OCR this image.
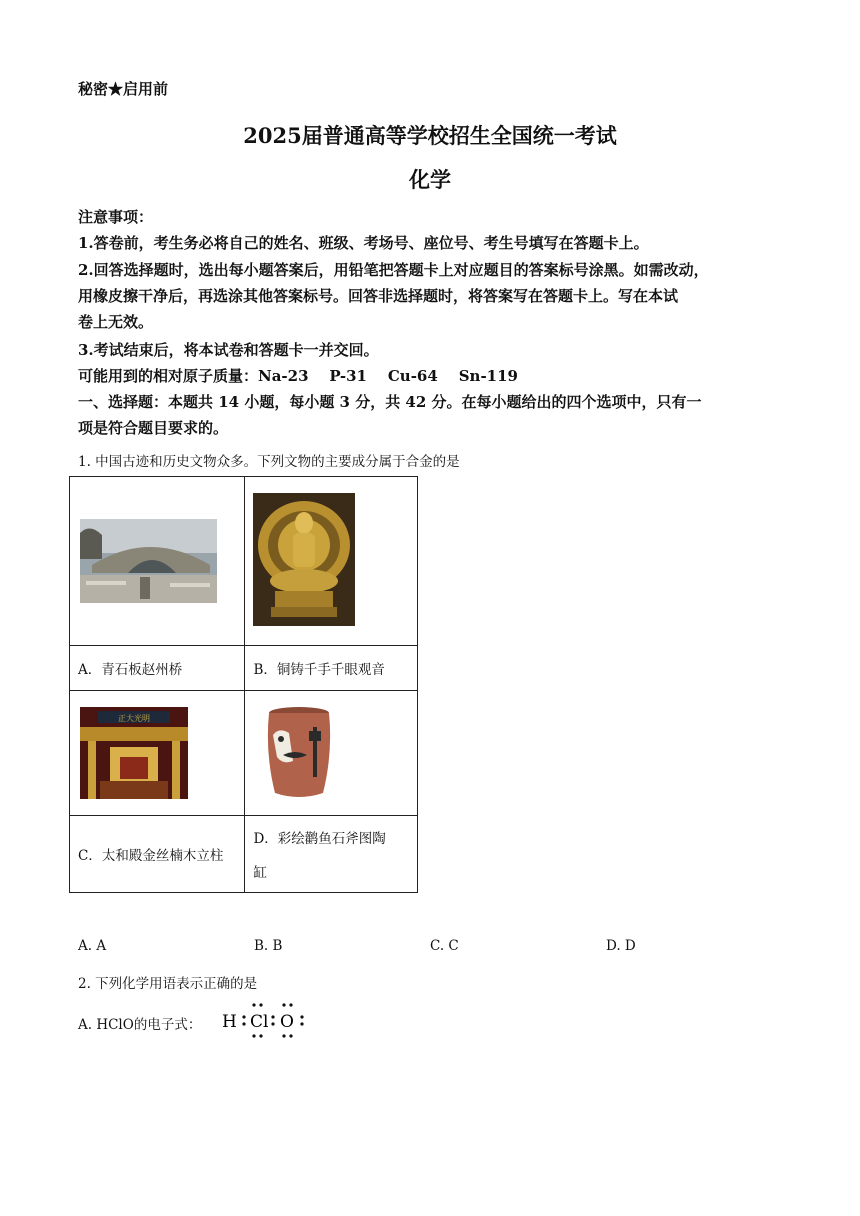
秘密★启用前
2025届普通高等学校招生全国统一考试
化学
注意事项：
1.答卷前，考生务必将自己的姓名、班级、考场号、座位号、考生号填写在答题卡上。
2.回答选择题时，选出每小题答案后，用铅笔把答题卡上对应题目的答案标号涂黑。如需改动，
用橡皮擦干净后，再选涂其他答案标号。回答非选择题时，将答案写在答题卡上。写在本试
卷上无效。
3.考试结束后，将本试卷和答题卡一并交回。
可能用到的相对原子质量：Na-23    P-31    Cu-64    Sn-119
一、选择题：本题共 14 小题，每小题 3 分，共 42 分。在每小题给出的四个选项中，只有一
项是符合题目要求的。
1. 中国古迹和历史文物众多。下列文物的主要成分属于合金的是

A．青石板赵州桥	B．铜铸千手千眼观音

正大光明

C．太和殿金丝楠木立柱	D．彩绘鹳鱼石斧图陶
缸
A. A	B. B	C. C	D. D
2. 下列化学用语表示正确的是
A. HClO的电子式： H Cl O
